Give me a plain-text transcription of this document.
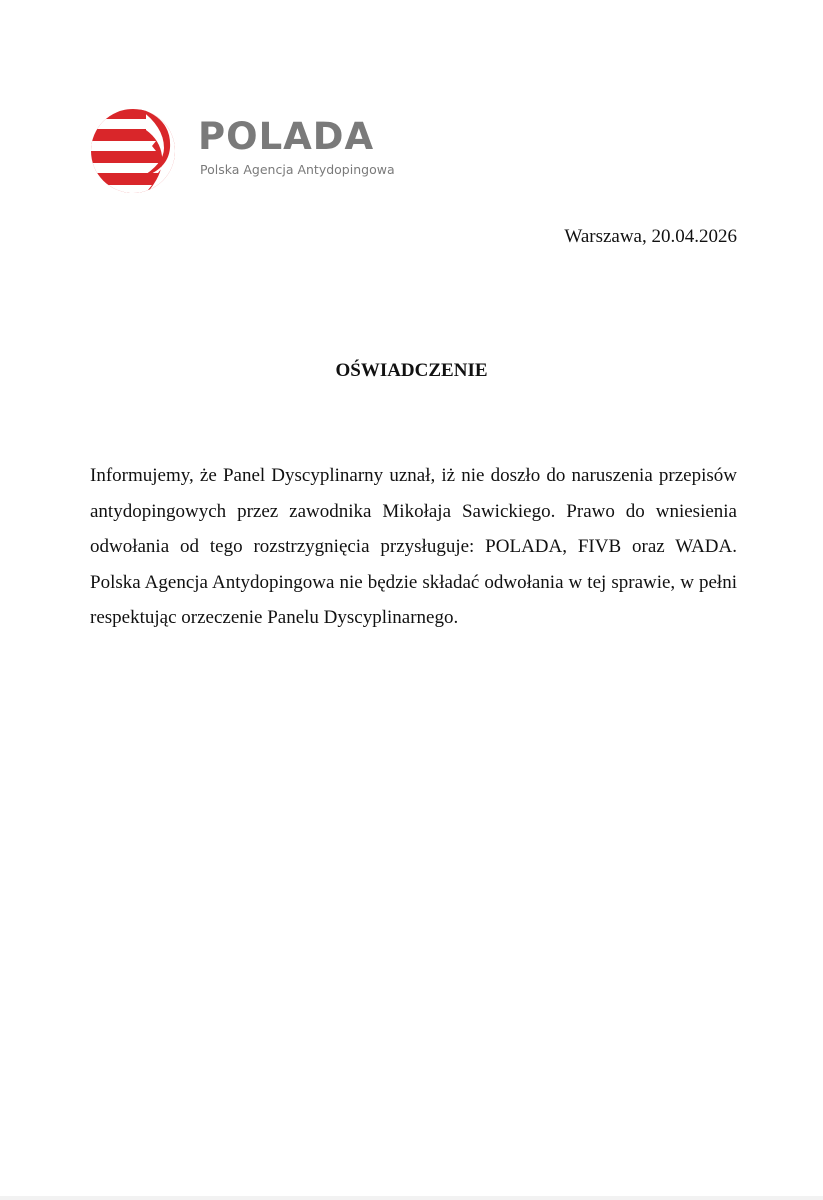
POLADA
Polska Agencja Antydopingowa
Warszawa, 20.04.2026
OŚWIADCZENIE

Informujemy, że Panel Dyscyplinarny uznał, iż nie doszło do naruszenia przepisów antydopingowych przez zawodnika Mikołaja Sawickiego. Prawo do wniesienia odwołania od tego rozstrzygnięcia przysługuje: POLADA, FIVB oraz WADA. Polska Agencja Antydopingowa nie będzie składać odwołania w tej sprawie, w pełni respektując orzeczenie Panelu Dyscyplinarnego.
